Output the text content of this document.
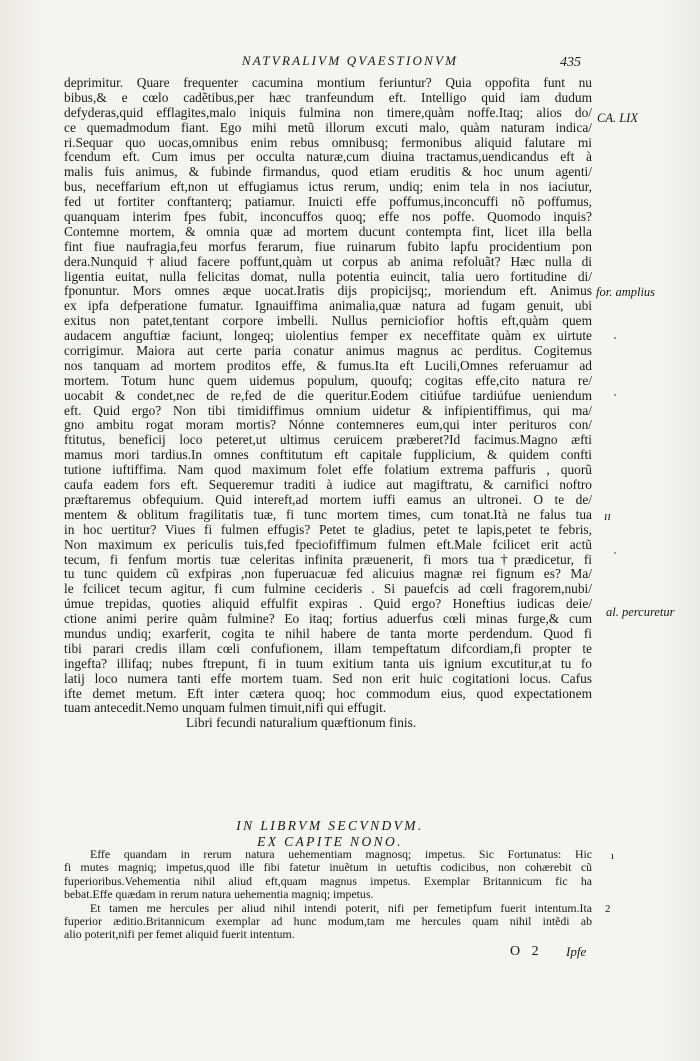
NATVRALIVM QVAESTIONVM	435
deprimitur. Quare frequenter cacumina montium feriuntur? Quia oppofita funt nu
bibus,& e cœlo cadẽtibus,per hæc tranfeundum eft. Intelligo quid iam dudum
defyderas,quid efflagites,malo iniquis fulmina non timere,quàm noffe.Itaq; alios do/
ce quemadmodum fiant. Ego mihi metũ illorum excuti malo, quàm naturam indica/
ri.Sequar quo uocas,omnibus enim rebus omnibusq; fermonibus aliquid falutare mi
fcendum eft. Cum imus per occulta naturæ,cum diuina tractamus,uendicandus eft à
malis fuis animus, & fubinde firmandus, quod etiam eruditis & hoc unum agenti/
bus, neceffarium eft,non ut effugiamus ictus rerum, undiq; enim tela in nos iaciutur,
fed ut fortiter conftanterq; patiamur. Inuicti effe poffumus,inconcuffi nõ poffumus,
quanquam interim fpes fubit, inconcuffos quoq; effe nos poffe. Quomodo inquis?
Contemne mortem, & omnia quæ ad mortem ducunt contempta fint, licet illa bella
fint fiue naufragia,feu morfus ferarum, fiue ruinarum fubito lapfu procidentium pon
dera.Nunquid †aliud facere poffunt,quàm ut corpus ab anima refoluãt? Hæc nulla di
ligentia euitat, nulla felicitas domat, nulla potentia euincit, talia uero fortitudine di/
fponuntur. Mors omnes æque uocat.Iratis dijs propicijsq;, moriendum eft. Animus
ex ipfa defperatione fumatur. Ignauiffima animalia,quæ natura ad fugam genuit, ubi
exitus non patet,tentant corpore imbelli. Nullus perniciofior hoftis eft,quàm quem
audacem anguftiæ faciunt, longeq; uiolentius femper ex neceffitate quàm ex uirtute
corrigimur. Maiora aut certe paria conatur animus magnus ac perditus. Cogitemus
nos tanquam ad mortem proditos effe, & fumus.Ita eft Lucili,Omnes referuamur ad
mortem. Totum hunc quem uidemus populum, quoufq; cogitas effe,cito natura re/
uocabit & condet,nec de re,fed de die queritur.Eodem citiúfue tardiúfue ueniendum
eft. Quid ergo? Non tibi timidiffimus omnium uidetur & infipientiffimus, qui ma/
gno ambitu rogat moram mortis? Nónne contemneres eum,qui inter perituros con/
ftitutus, beneficij loco peteret,ut ultimus ceruicem præberet?Id facimus.Magno æfti
mamus mori tardius.In omnes conftitutum eft capitale fupplicium, & quidem confti
tutione iuftiffima. Nam quod maximum folet effe folatium extrema paffuris , quorũ
caufa eadem fors eft. Sequeremur traditi à iudice aut magiftratu, & carnifici noftro
præftaremus obfequium. Quid intereft,ad mortem iuffi eamus an ultronei. O te de/
mentem & oblitum fragilitatis tuæ, fi tunc mortem times, cum tonat.Ità ne falus tua
in hoc uertitur? Viues fi fulmen effugis? Petet te gladius, petet te lapis,petet te febris,
Non maximum ex periculis tuis,fed fpeciofiffimum fulmen eft.Male fcilicet erit actũ
tecum, fi fenfum mortis tuæ celeritas infinita præuenerit, fi mors tua†prædicetur, fi
tu tunc quidem cũ exfpiras ,non fuperuacuæ fed alicuius magnæ rei fignum es? Ma/
le fcilicet tecum agitur, fi cum fulmine cecideris . Si pauefcis ad cœli fragorem,nubi/
úmue trepidas, quoties aliquid effulfit expiras . Quid ergo? Honeftius iudicas deie/
ctione animi perire quàm fulmine? Eo itaq; fortius aduerfus cœli minas furge,& cum
mundus undiq; exarferit, cogita te nihil habere de tanta morte perdendum. Quod fi
tibi parari credis illam cœli confufionem, illam tempeftatum difcordiam,fi propter te
ingefta? illifaq; nubes ftrepunt, fi in tuum exitium tanta uis ignium excutitur,at tu fo
latij loco numera tanti effe mortem tuam. Sed non erit huic cogitationi locus. Cafus
ifte demet metum. Eft inter cætera quoq; hoc commodum eius, quod expectationem
tuam antecedit.Nemo unquam fulmen timuit,nifi qui effugit.
Libri fecundi naturalium quæftionum finis.
CA. LIX
for. amplius
ıı
al. percuretur
IN LIBRVM SECVNDVM.
EX CAPITE NONO.
Effe quandam in rerum natura uehementiam magnosq; impetus. Sic Fortunatus: Hic
fi mutes magniq; impetus,quod ille fibi fatetur inuẽtum in uetuftis codicibus, non cohærebit cũ
fuperioribus.Vehementia nihil aliud eft,quam magnus impetus. Exemplar Britannicum fic ha
bebat.Effe quædam in rerum natura uehementia magniq; impetus.
Et tamen me hercules per aliud nihil intendi poterit, nifi per femetipfum fuerit intentum.Ita
fuperior æditio.Britannicum exemplar ad hunc modum,tam me hercules quam nihil intẽdi ab
alio poterit,nifi per femet aliquid fuerit intentum.
ı
2
O 2 Ipfe
